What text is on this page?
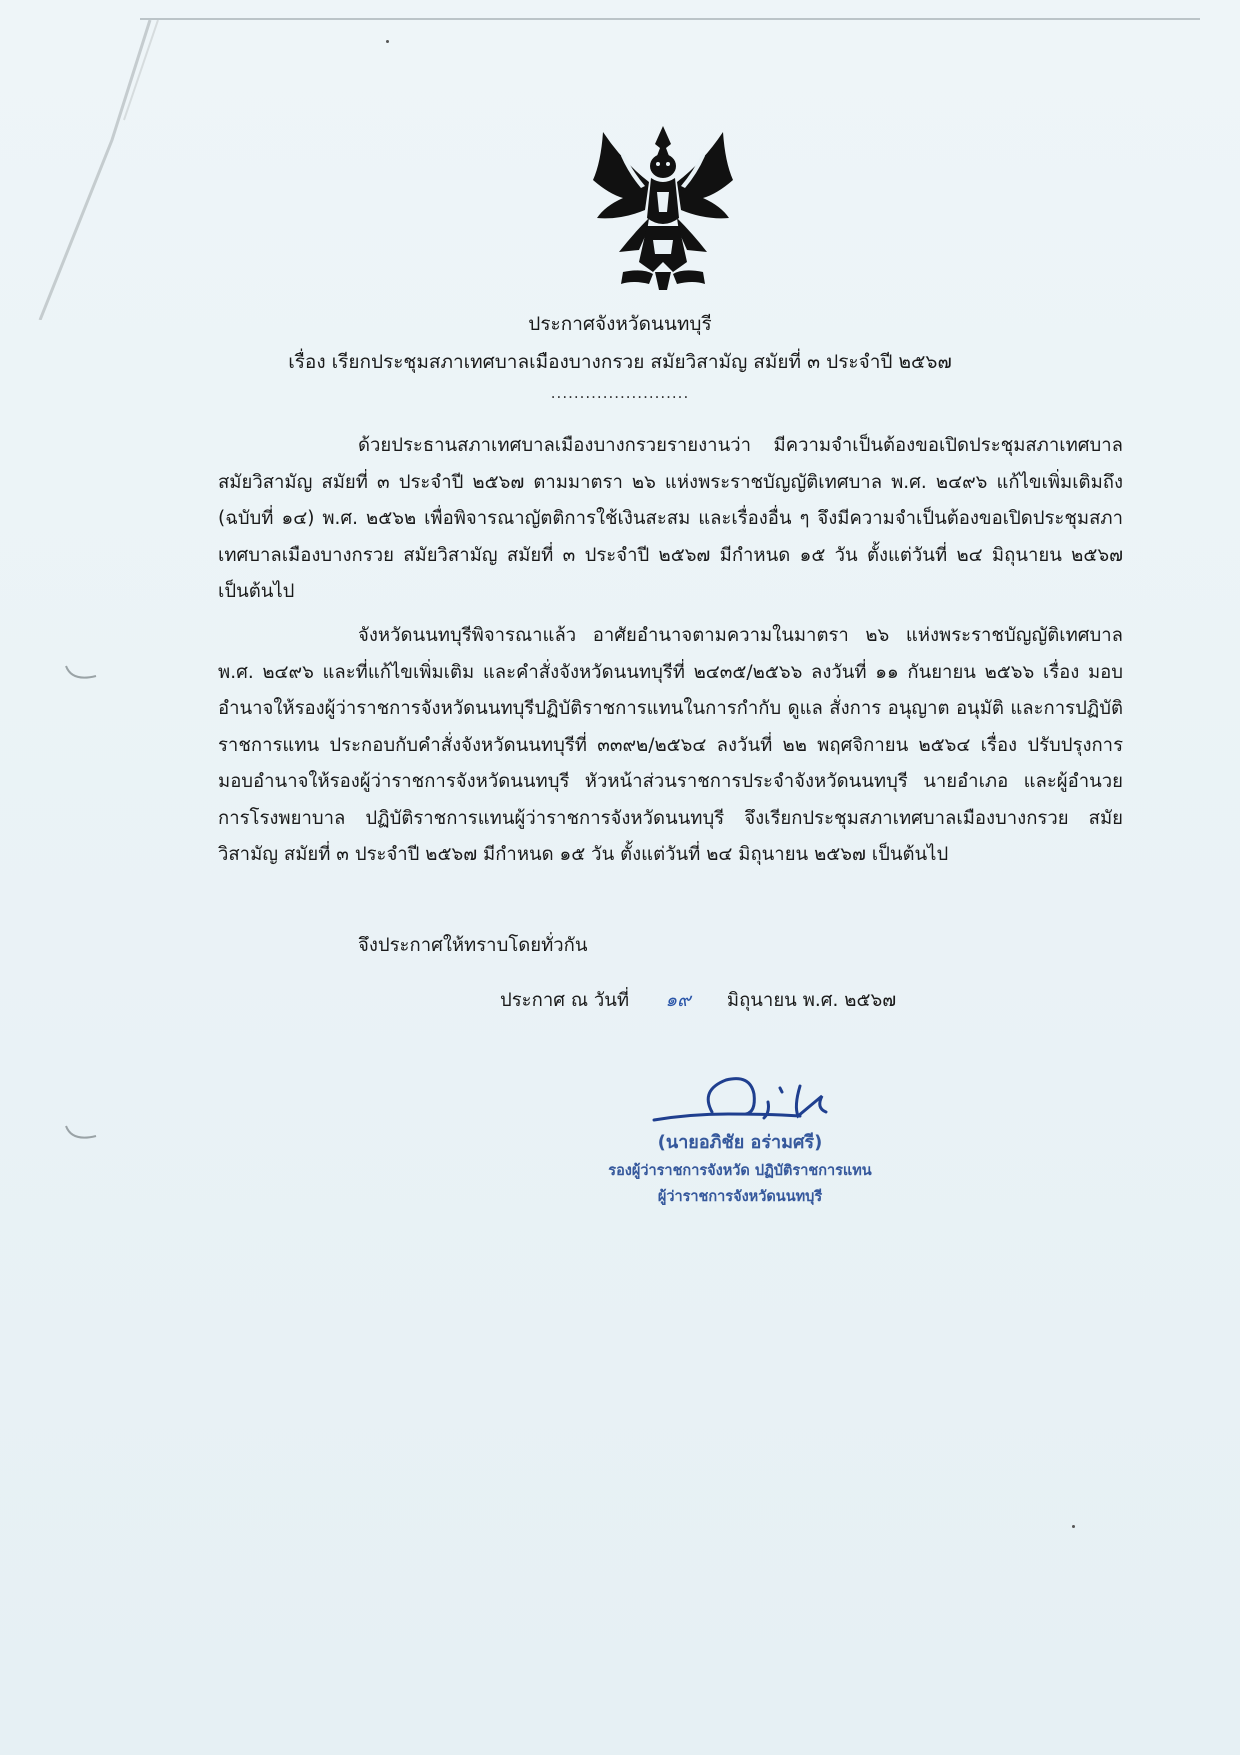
ประกาศจังหวัดนนทบุรี
เรื่อง เรียกประชุมสภาเทศบาลเมืองบางกรวย สมัยวิสามัญ สมัยที่ ๓ ประจำปี ๒๕๖๗
........................

ด้วยประธานสภาเทศบาลเมืองบางกรวยรายงานว่า มีความจำเป็นต้องขอเปิดประชุมสภาเทศบาล สมัยวิสามัญ สมัยที่ ๓ ประจำปี ๒๕๖๗ ตามมาตรา ๒๖ แห่งพระราชบัญญัติเทศบาล พ.ศ. ๒๔๙๖ แก้ไขเพิ่มเติมถึง (ฉบับที่ ๑๔) พ.ศ. ๒๕๖๒ เพื่อพิจารณาญัตติการใช้เงินสะสม และเรื่องอื่น ๆ จึงมีความจำเป็นต้องขอเปิดประชุมสภาเทศบาลเมืองบางกรวย สมัยวิสามัญ สมัยที่ ๓ ประจำปี ๒๕๖๗ มีกำหนด ๑๕ วัน ตั้งแต่วันที่ ๒๔ มิถุนายน ๒๕๖๗ เป็นต้นไป

จังหวัดนนทบุรีพิจารณาแล้ว อาศัยอำนาจตามความในมาตรา ๒๖ แห่งพระราชบัญญัติเทศบาล พ.ศ. ๒๔๙๖ และที่แก้ไขเพิ่มเติม และคำสั่งจังหวัดนนทบุรีที่ ๒๔๓๕/๒๕๖๖ ลงวันที่ ๑๑ กันยายน ๒๕๖๖ เรื่อง มอบอำนาจให้รองผู้ว่าราชการจังหวัดนนทบุรีปฏิบัติราชการแทนในการกำกับ ดูแล สั่งการ อนุญาต อนุมัติ และการปฏิบัติราชการแทน ประกอบกับคำสั่งจังหวัดนนทบุรีที่ ๓๓๙๒/๒๕๖๔ ลงวันที่ ๒๒ พฤศจิกายน ๒๕๖๔ เรื่อง ปรับปรุงการมอบอำนาจให้รองผู้ว่าราชการจังหวัดนนทบุรี หัวหน้าส่วนราชการประจำจังหวัดนนทบุรี นายอำเภอ และผู้อำนวยการโรงพยาบาล ปฏิบัติราชการแทนผู้ว่าราชการจังหวัดนนทบุรี จึงเรียกประชุมสภาเทศบาลเมืองบางกรวย สมัยวิสามัญ สมัยที่ ๓ ประจำปี ๒๕๖๗ มีกำหนด ๑๕ วัน ตั้งแต่วันที่ ๒๔ มิถุนายน ๒๕๖๗ เป็นต้นไป

จึงประกาศให้ทราบโดยทั่วกัน
ประกาศ ณ วันที่ ๑๙ มิถุนายน พ.ศ. ๒๕๖๗
(นายอภิชัย อร่ามศรี)
รองผู้ว่าราชการจังหวัด ปฏิบัติราชการแทน
ผู้ว่าราชการจังหวัดนนทบุรี
